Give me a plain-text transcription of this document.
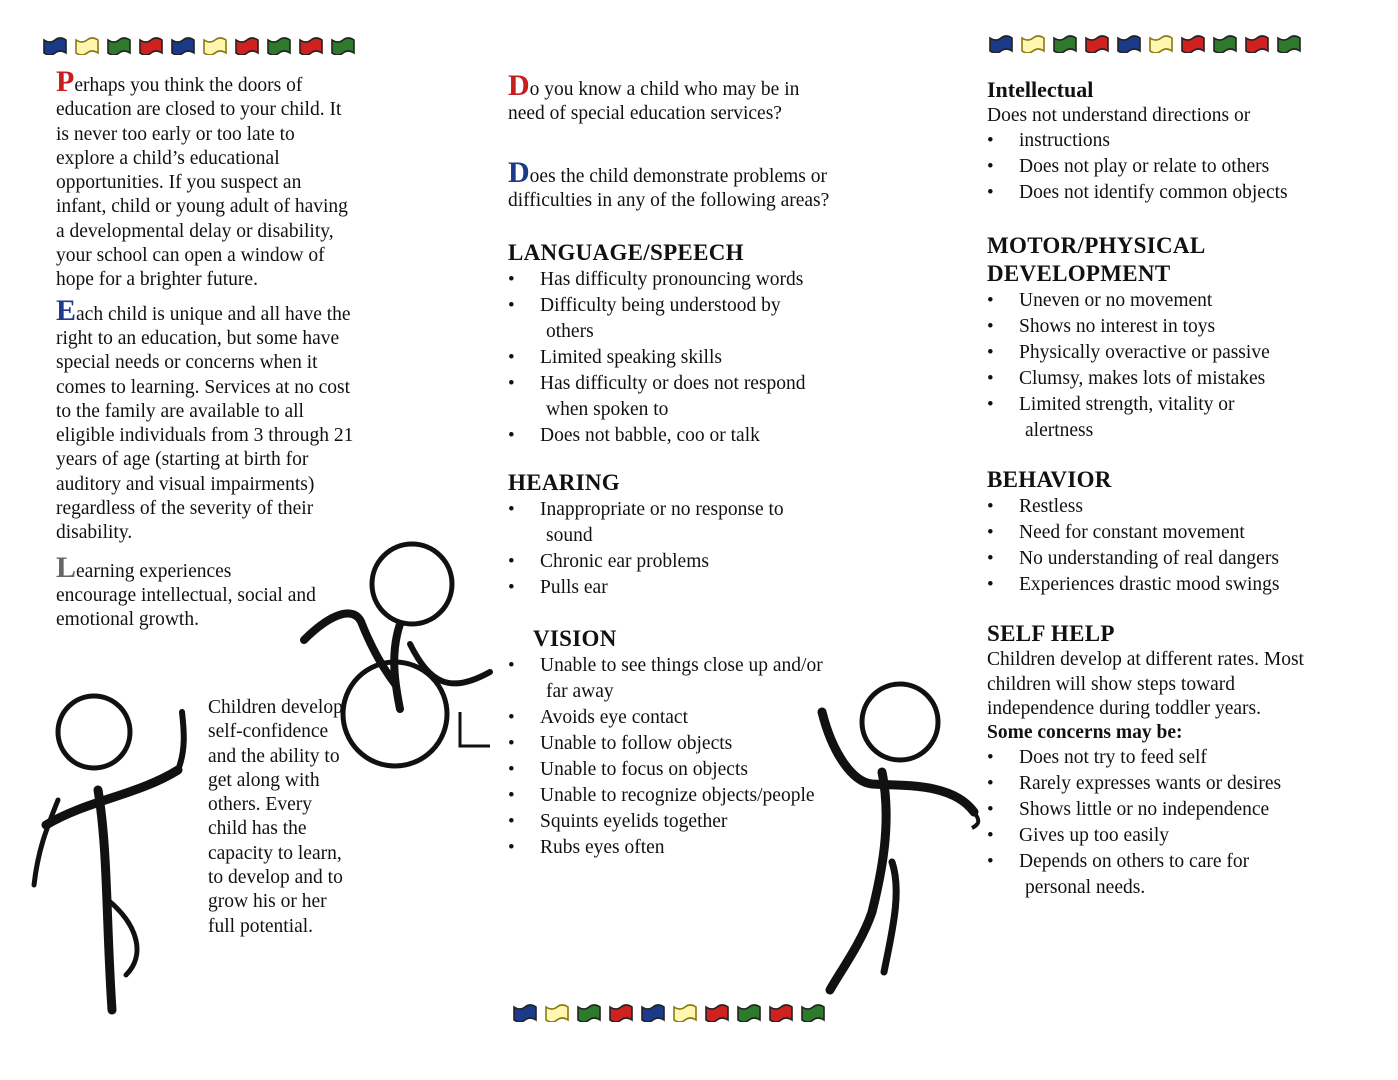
Perhaps you think the doors of education are closed to your child. It is never too early or too late to explore a child’s educational opportunities. If you suspect an infant, child or young adult of having a developmental delay or disability, your school can open a window of hope for a brighter future.

Each child is unique and all have the right to an education, but some have special needs or concerns when it comes to learning. Services at no cost to the family are available to all eligible individuals from 3 through 21 years of age (starting at birth for auditory and visual impairments) regardless of the severity of their disability.

Learning experiences
encourage intellectual, social and
emotional growth.

Children develop self-confidence and the ability to get along with others. Every child has the capacity to learn, to develop and to grow his or her full potential.

Do you know a child who may be in need of special education services?

Does the child demonstrate problems or difficulties in any of the following areas?

LANGUAGE/SPEECH
• Has difficulty pronouncing words
• Difficulty being understood by
others
• Limited speaking skills
• Has difficulty or does not respond
when spoken to
• Does not babble, coo or talk
HEARING
• Inappropriate or no response to
sound
• Chronic ear problems
• Pulls ear
VISION
• Unable to see things close up and/or
far away
• Avoids eye contact
• Unable to follow objects
• Unable to focus on objects
• Unable to recognize objects/people
• Squints eyelids together
• Rubs eyes often
Intellectual

Does not understand directions or

• instructions
• Does not play or relate to others
• Does not identify common objects
MOTOR/PHYSICAL
DEVELOPMENT
• Uneven or no movement
• Shows no interest in toys
• Physically overactive or passive
• Clumsy, makes lots of mistakes
• Limited strength, vitality or
alertness
BEHAVIOR
• Restless
• Need for constant movement
• No understanding of real dangers
• Experiences drastic mood swings
SELF HELP

Children develop at different rates. Most children will show steps toward independence during toddler years.

Some concerns may be:

• Does not try to feed self
• Rarely expresses wants or desires
• Shows little or no independence
• Gives up too easily
• Depends on others to care for
personal needs.
